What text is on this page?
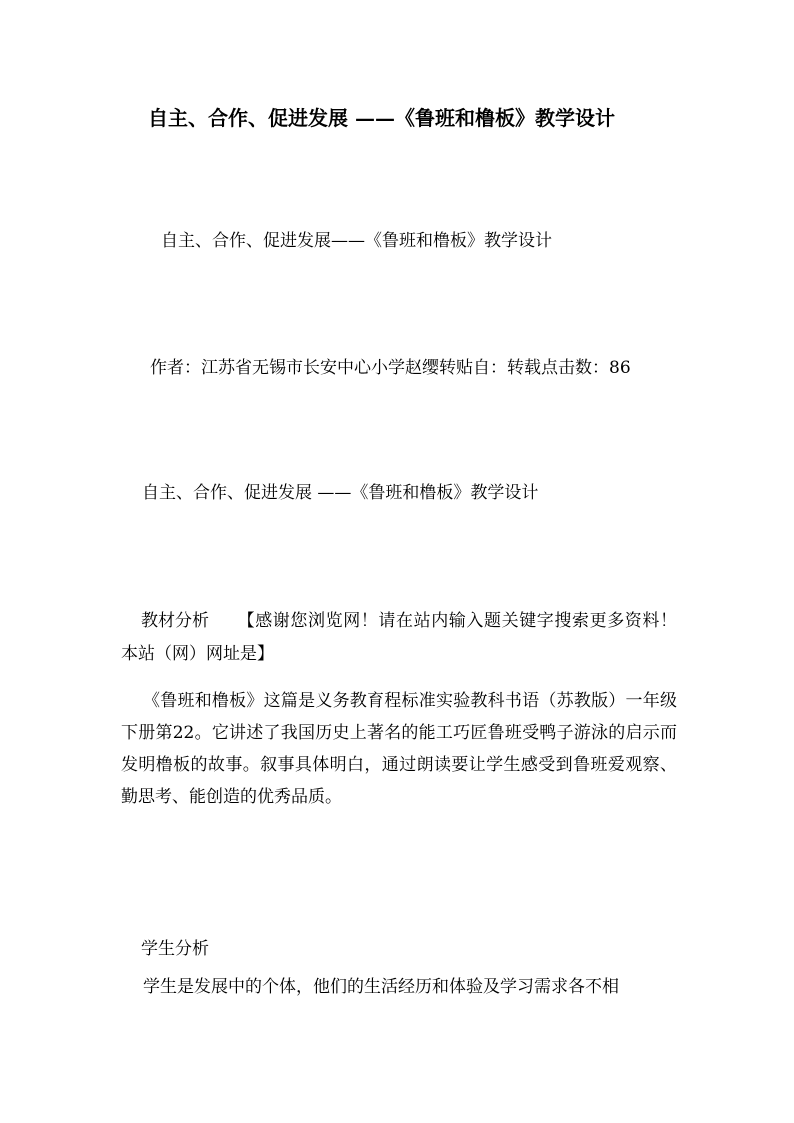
自主、合作、促进发展 ——《鲁班和橹板》教学设计
自主、合作、促进发展——《鲁班和橹板》教学设计
作者：江苏省无锡市长安中心小学赵缨转贴自：转载点击数：86
自主、合作、促进发展 ——《鲁班和橹板》教学设计
教材分析 【感谢您浏览网！请在站内输入题关键字搜索更多资料！本站（网）网址是】
《鲁班和橹板》这篇是义务教育程标准实验教科书语（苏教版）一年级下册第22。它讲述了我国历史上著名的能工巧匠鲁班受鸭子游泳的启示而发明橹板的故事。叙事具体明白，通过朗读要让学生感受到鲁班爱观察、勤思考、能创造的优秀品质。
学生分析
学生是发展中的个体，他们的生活经历和体验及学习需求各不相
